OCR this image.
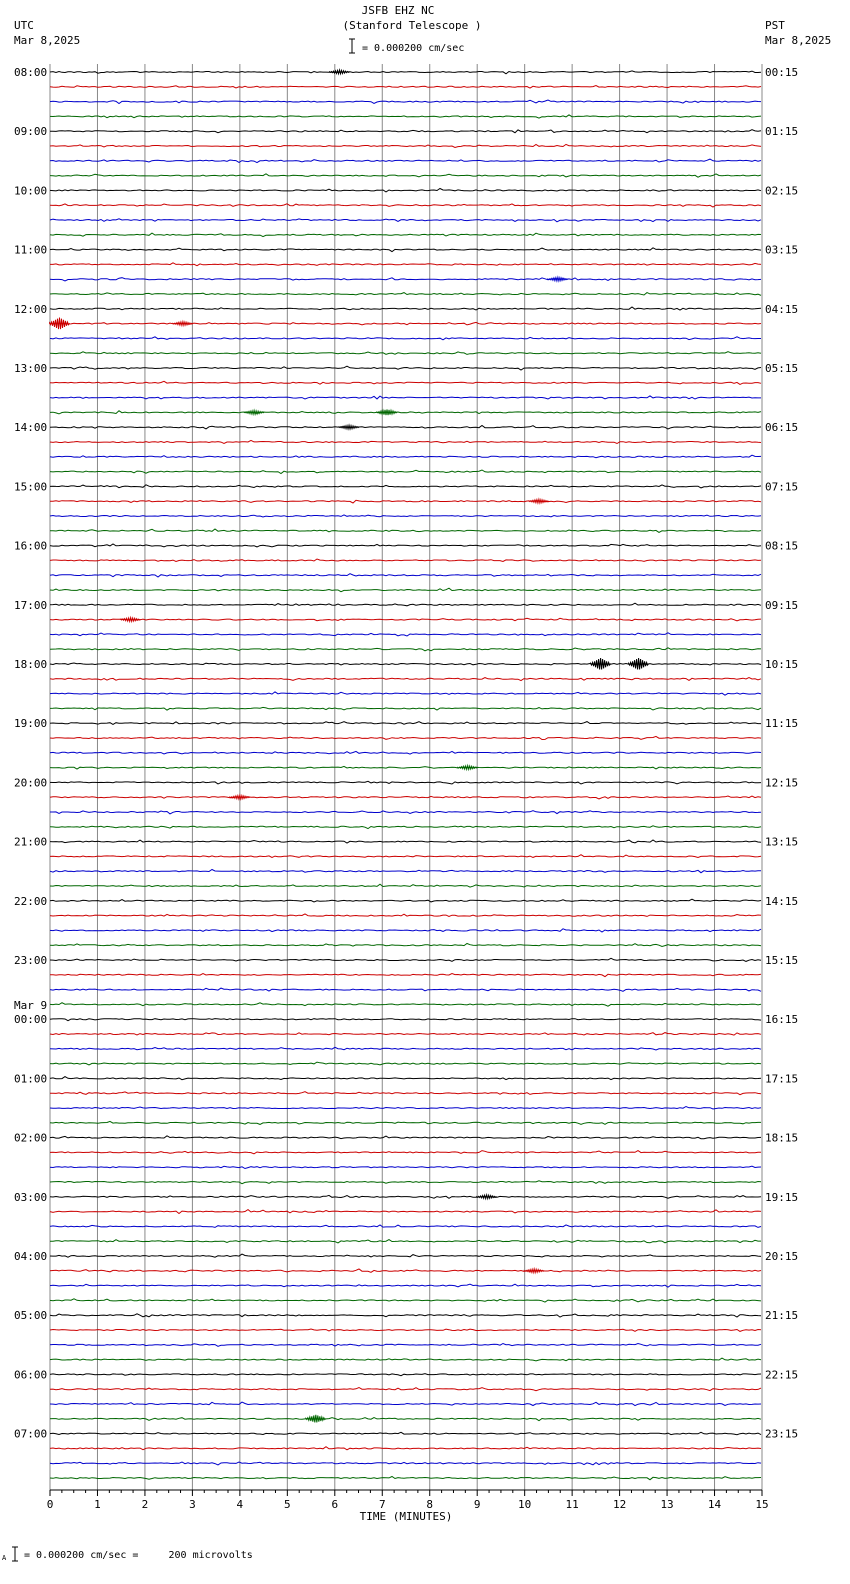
JSFB EHZ NC
(Stanford Telescope )
UTC
Mar 8,2025
PST
Mar 8,2025
= 0.000200 cm/sec
A = 0.000200 cm/sec =     200 microvolts
0	1	2	3	4	5	6	7	8	9	10	11	12	13	14	15
TIME (MINUTES)
08:00
09:00
10:00
11:00
12:00
13:00
14:00
15:00
16:00
17:00
18:00
19:00
20:00
21:00
22:00
23:00
00:00
Mar 9
01:00
02:00
03:00
04:00
05:00
06:00
07:00
00:15
01:15
02:15
03:15
04:15
05:15
06:15
07:15
08:15
09:15
10:15
11:15
12:15
13:15
14:15
15:15
16:15
17:15
18:15
19:15
20:15
21:15
22:15
23:15
